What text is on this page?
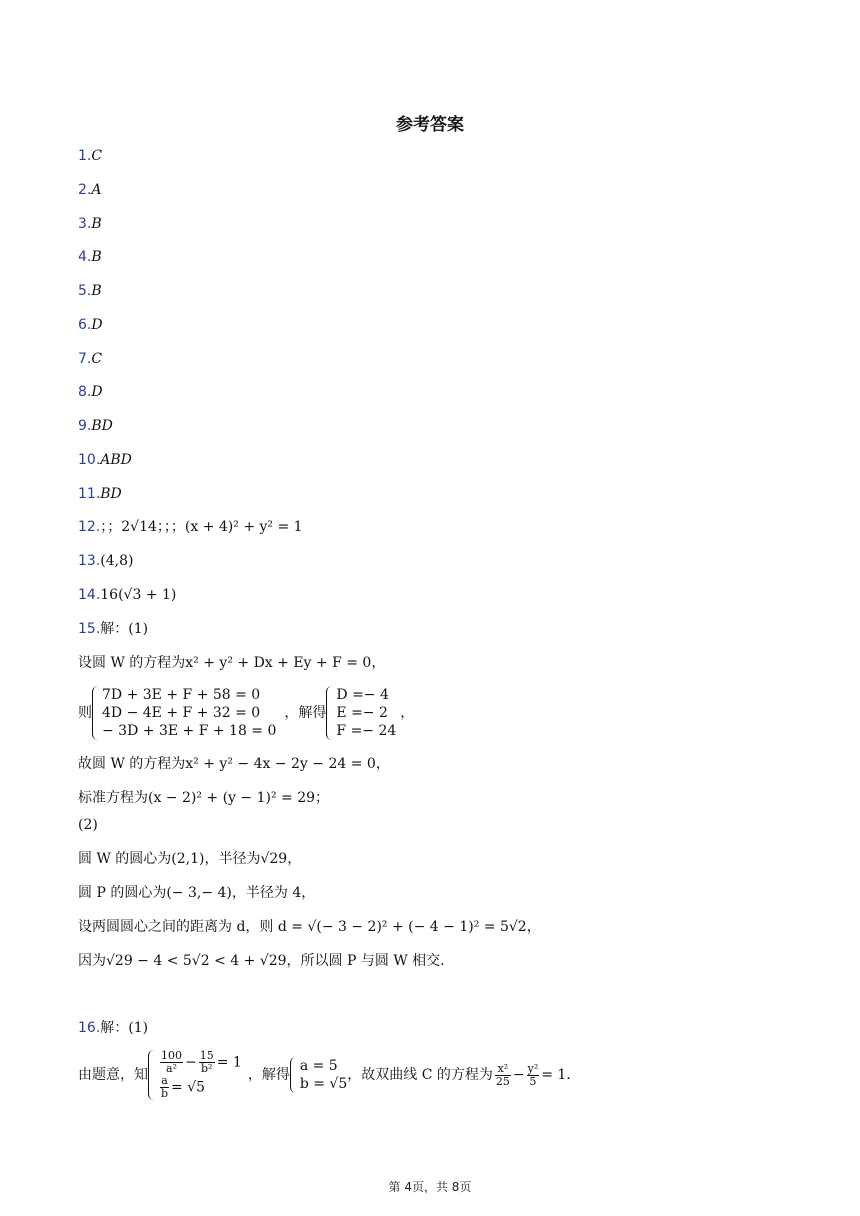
参考答案
1.C
2.A
3.B
4.B
5.B
6.D
7.C
8.D
9.BD
10.ABD
11.BD
12.；；2√14；；；(x + 4)² + y² = 1
13.(4,8)
14.16(√3 + 1)
15.解：(1)
设圆 W 的方程为x² + y² + Dx + Ey + F = 0，
则
7D + 3E + F + 58 = 0
4D − 4E + F + 32 = 0
− 3D + 3E + F + 18 = 0
，解得
D =− 4
E =− 2
F =− 24
，
故圆 W 的方程为x² + y² − 4x − 2y − 24 = 0，
标准方程为(x − 2)² + (y − 1)² = 29；
(2)
圆 W 的圆心为(2,1)，半径为√29，
圆 P 的圆心为(− 3,− 4)，半径为 4，
设两圆圆心之间的距离为 d，则 d = √(− 3 − 2)² + (− 4 − 1)² = 5√2，
因为√29 − 4 < 5√2 < 4 + √29，所以圆 P 与圆 W 相交.
16.解：(1)
由题意，知 $\frac{100}{\text{a²}} - \frac{15}{\text{b²}} = 1$
$\frac{a}{b} = √5$
，解得
a = 5
b = √5
，故双曲线 C 的方程为 $\frac{\text{x²}}{25} - \frac{\text{y²}}{5} = 1$．
第 4页，共 8页
